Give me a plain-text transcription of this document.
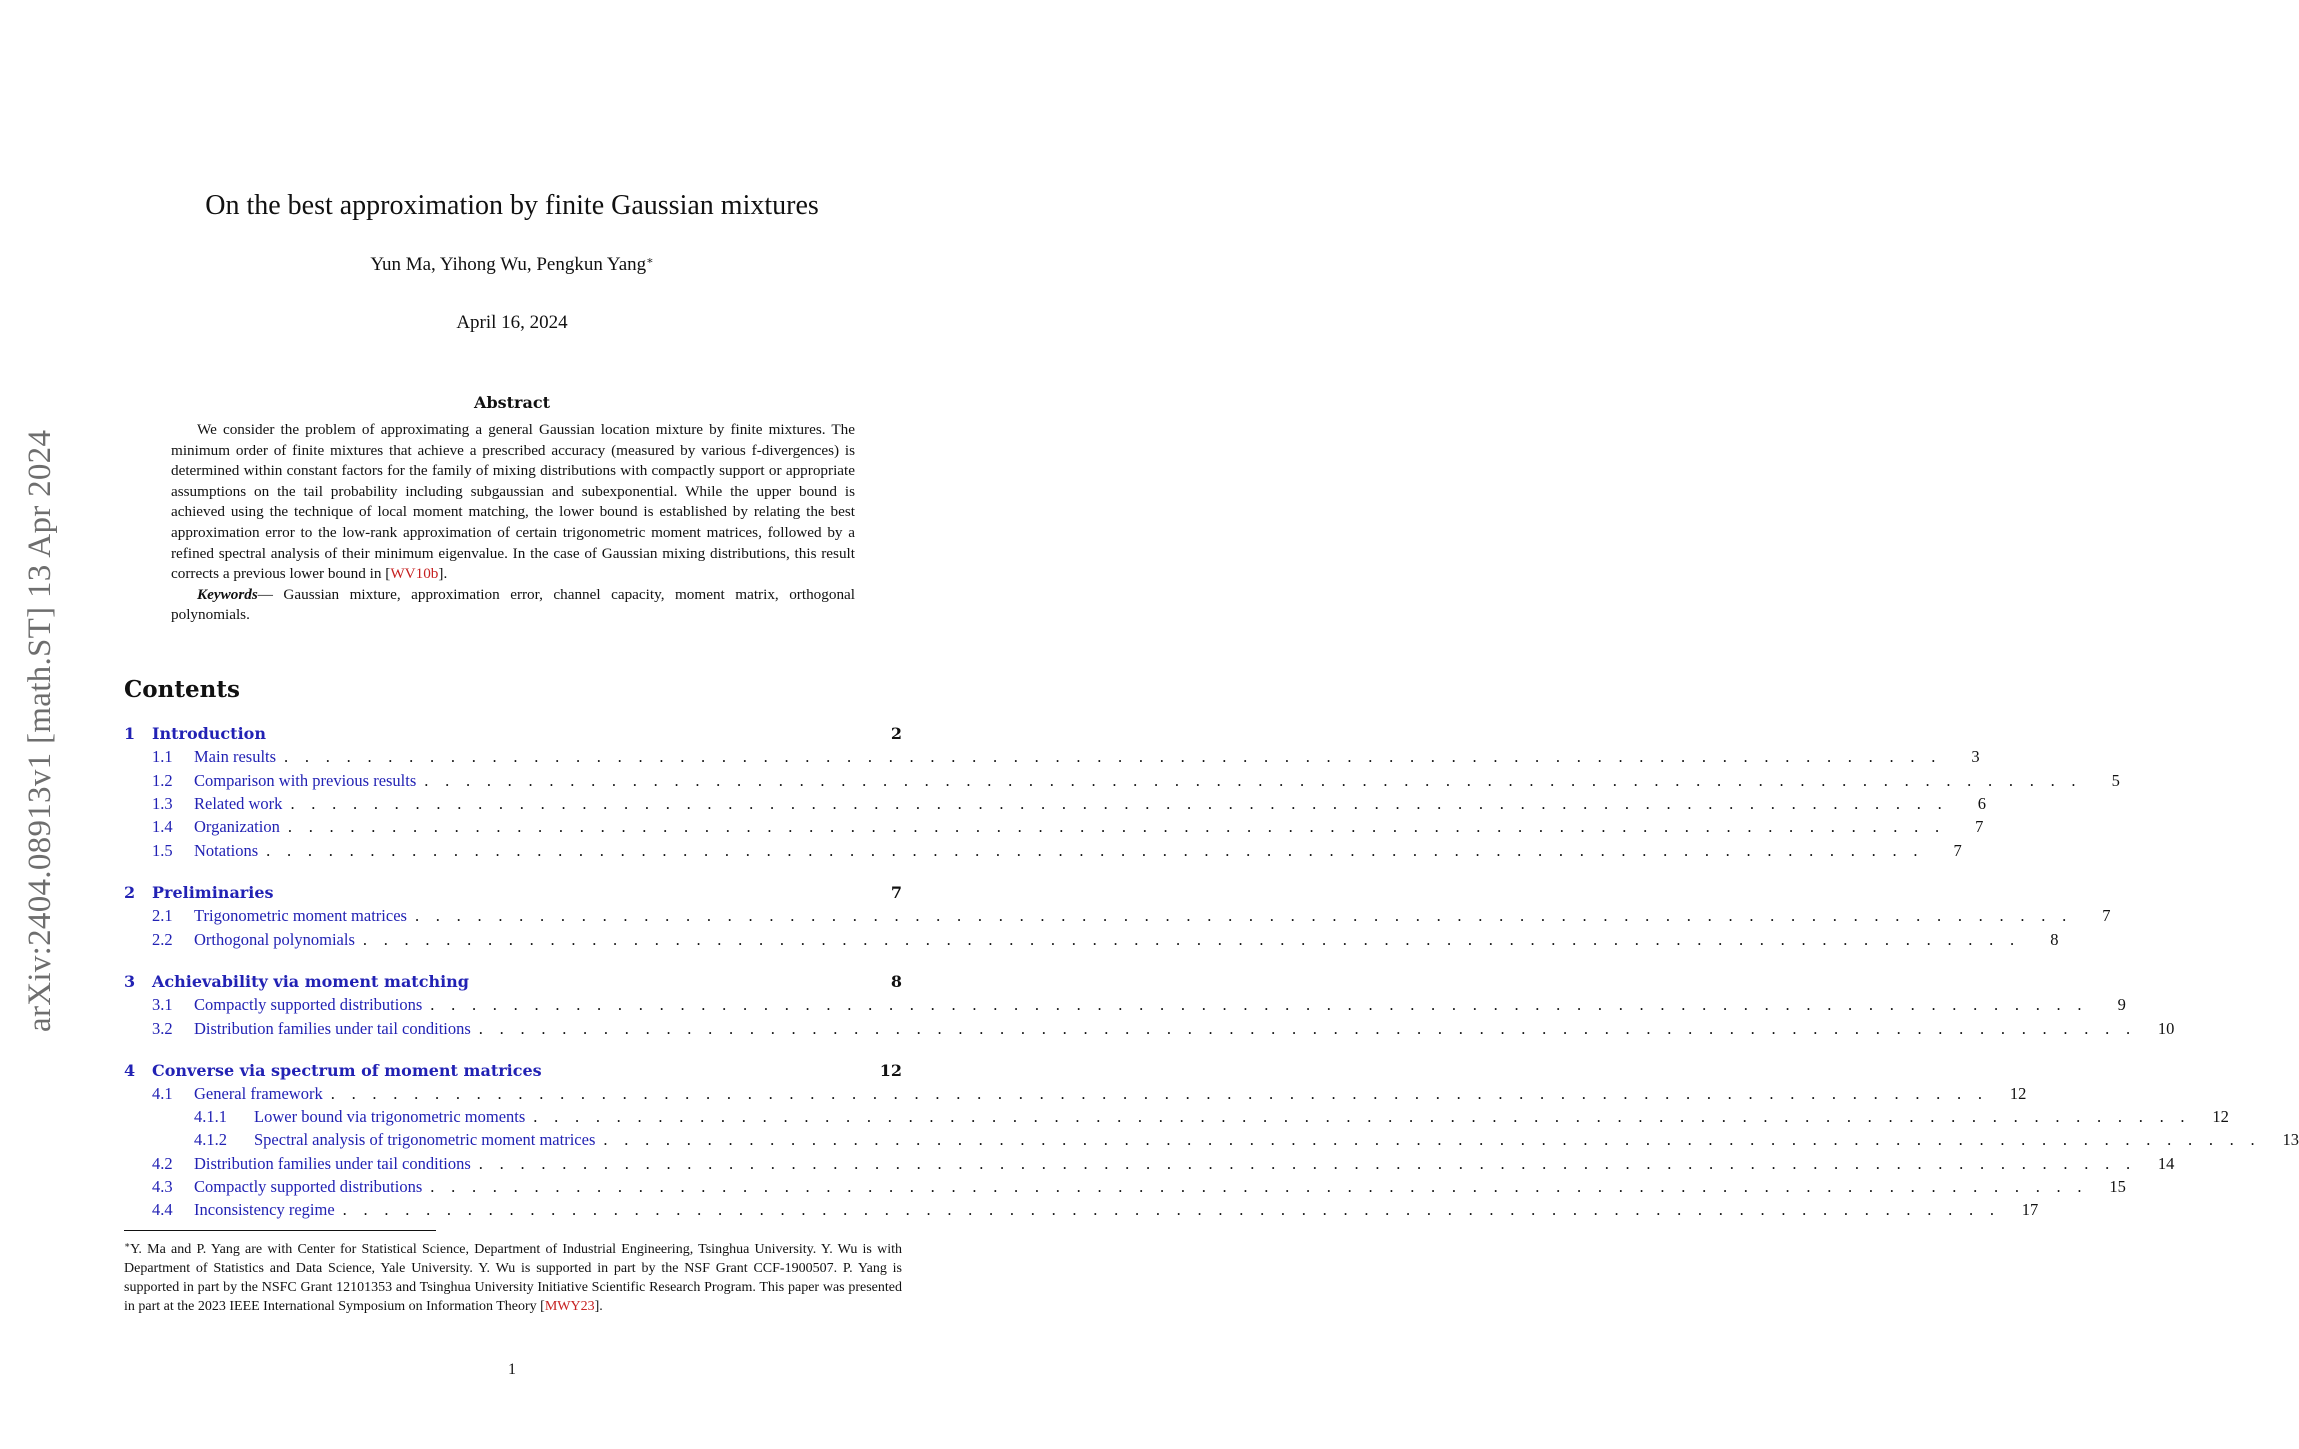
arXiv:2404.08913v1 [math.ST] 13 Apr 2024
On the best approximation by finite Gaussian mixtures
Yun Ma, Yihong Wu, Pengkun Yang∗
April 16, 2024
Abstract

We consider the problem of approximating a general Gaussian location mixture by finite mixtures. The minimum order of finite mixtures that achieve a prescribed accuracy (measured by various f-divergences) is determined within constant factors for the family of mixing distributions with compactly support or appropriate assumptions on the tail probability including subgaussian and subexponential. While the upper bound is achieved using the technique of local moment matching, the lower bound is established by relating the best approximation error to the low-rank approximation of certain trigonometric moment matrices, followed by a refined spectral analysis of their minimum eigenvalue. In the case of Gaussian mixing distributions, this result corrects a previous lower bound in [WV10b].

Keywords— Gaussian mixture, approximation error, channel capacity, moment matrix, orthogonal polynomials.

Contents
1	Introduction	2
1.1	Main results . . . . . . . . . . . . . . . . . . . . . . . . . . . . . . . . . . . . . . . . . . . . . . . . . . . . . . . . . . . . . . . . . . . . . . . . . . . . . . . .	3
1.2	Comparison with previous results . . . . . . . . . . . . . . . . . . . . . . . . . . . . . . . . . . . . . . . . . . . . . . . . . . . . . . . . . . . . . . . . . . . . . . . . . . . . . . . .	5
1.3	Related work . . . . . . . . . . . . . . . . . . . . . . . . . . . . . . . . . . . . . . . . . . . . . . . . . . . . . . . . . . . . . . . . . . . . . . . . . . . . . . . .	6
1.4	Organization . . . . . . . . . . . . . . . . . . . . . . . . . . . . . . . . . . . . . . . . . . . . . . . . . . . . . . . . . . . . . . . . . . . . . . . . . . . . . . . .	7
1.5	Notations . . . . . . . . . . . . . . . . . . . . . . . . . . . . . . . . . . . . . . . . . . . . . . . . . . . . . . . . . . . . . . . . . . . . . . . . . . . . . . . .	7
2	Preliminaries	7
2.1	Trigonometric moment matrices . . . . . . . . . . . . . . . . . . . . . . . . . . . . . . . . . . . . . . . . . . . . . . . . . . . . . . . . . . . . . . . . . . . . . . . . . . . . . . . .	7
2.2	Orthogonal polynomials . . . . . . . . . . . . . . . . . . . . . . . . . . . . . . . . . . . . . . . . . . . . . . . . . . . . . . . . . . . . . . . . . . . . . . . . . . . . . . . .	8
3	Achievability via moment matching	8
3.1	Compactly supported distributions . . . . . . . . . . . . . . . . . . . . . . . . . . . . . . . . . . . . . . . . . . . . . . . . . . . . . . . . . . . . . . . . . . . . . . . . . . . . . . . .	9
3.2	Distribution families under tail conditions . . . . . . . . . . . . . . . . . . . . . . . . . . . . . . . . . . . . . . . . . . . . . . . . . . . . . . . . . . . . . . . . . . . . . . . . . . . . . . . . 10
4	Converse via spectrum of moment matrices	12
4.1	General framework . . . . . . . . . . . . . . . . . . . . . . . . . . . . . . . . . . . . . . . . . . . . . . . . . . . . . . . . . . . . . . . . . . . . . . . . . . . . . . . . 12
4.1.1	Lower bound via trigonometric moments . . . . . . . . . . . . . . . . . . . . . . . . . . . . . . . . . . . . . . . . . . . . . . . . . . . . . . . . . . . . . . . . . . . . . . . . . . . . . . . . 12
4.1.2	Spectral analysis of trigonometric moment matrices . . . . . . . . . . . . . . . . . . . . . . . . . . . . . . . . . . . . . . . . . . . . . . . . . . . . . . . . . . . . . . . . . . . . . . . . . . . . . . . . 13
4.2	Distribution families under tail conditions . . . . . . . . . . . . . . . . . . . . . . . . . . . . . . . . . . . . . . . . . . . . . . . . . . . . . . . . . . . . . . . . . . . . . . . . . . . . . . . . 14
4.3	Compactly supported distributions . . . . . . . . . . . . . . . . . . . . . . . . . . . . . . . . . . . . . . . . . . . . . . . . . . . . . . . . . . . . . . . . . . . . . . . . . . . . . . . . 15
4.4	Inconsistency regime . . . . . . . . . . . . . . . . . . . . . . . . . . . . . . . . . . . . . . . . . . . . . . . . . . . . . . . . . . . . . . . . . . . . . . . . . . . . . . . . 17
∗Y. Ma and P. Yang are with Center for Statistical Science, Department of Industrial Engineering, Tsinghua University. Y. Wu is with Department of Statistics and Data Science, Yale University. Y. Wu is supported in part by the NSF Grant CCF-1900507. P. Yang is supported in part by the NSFC Grant 12101353 and Tsinghua University Initiative Scientific Research Program. This paper was presented in part at the 2023 IEEE International Symposium on Information Theory [MWY23].
1
